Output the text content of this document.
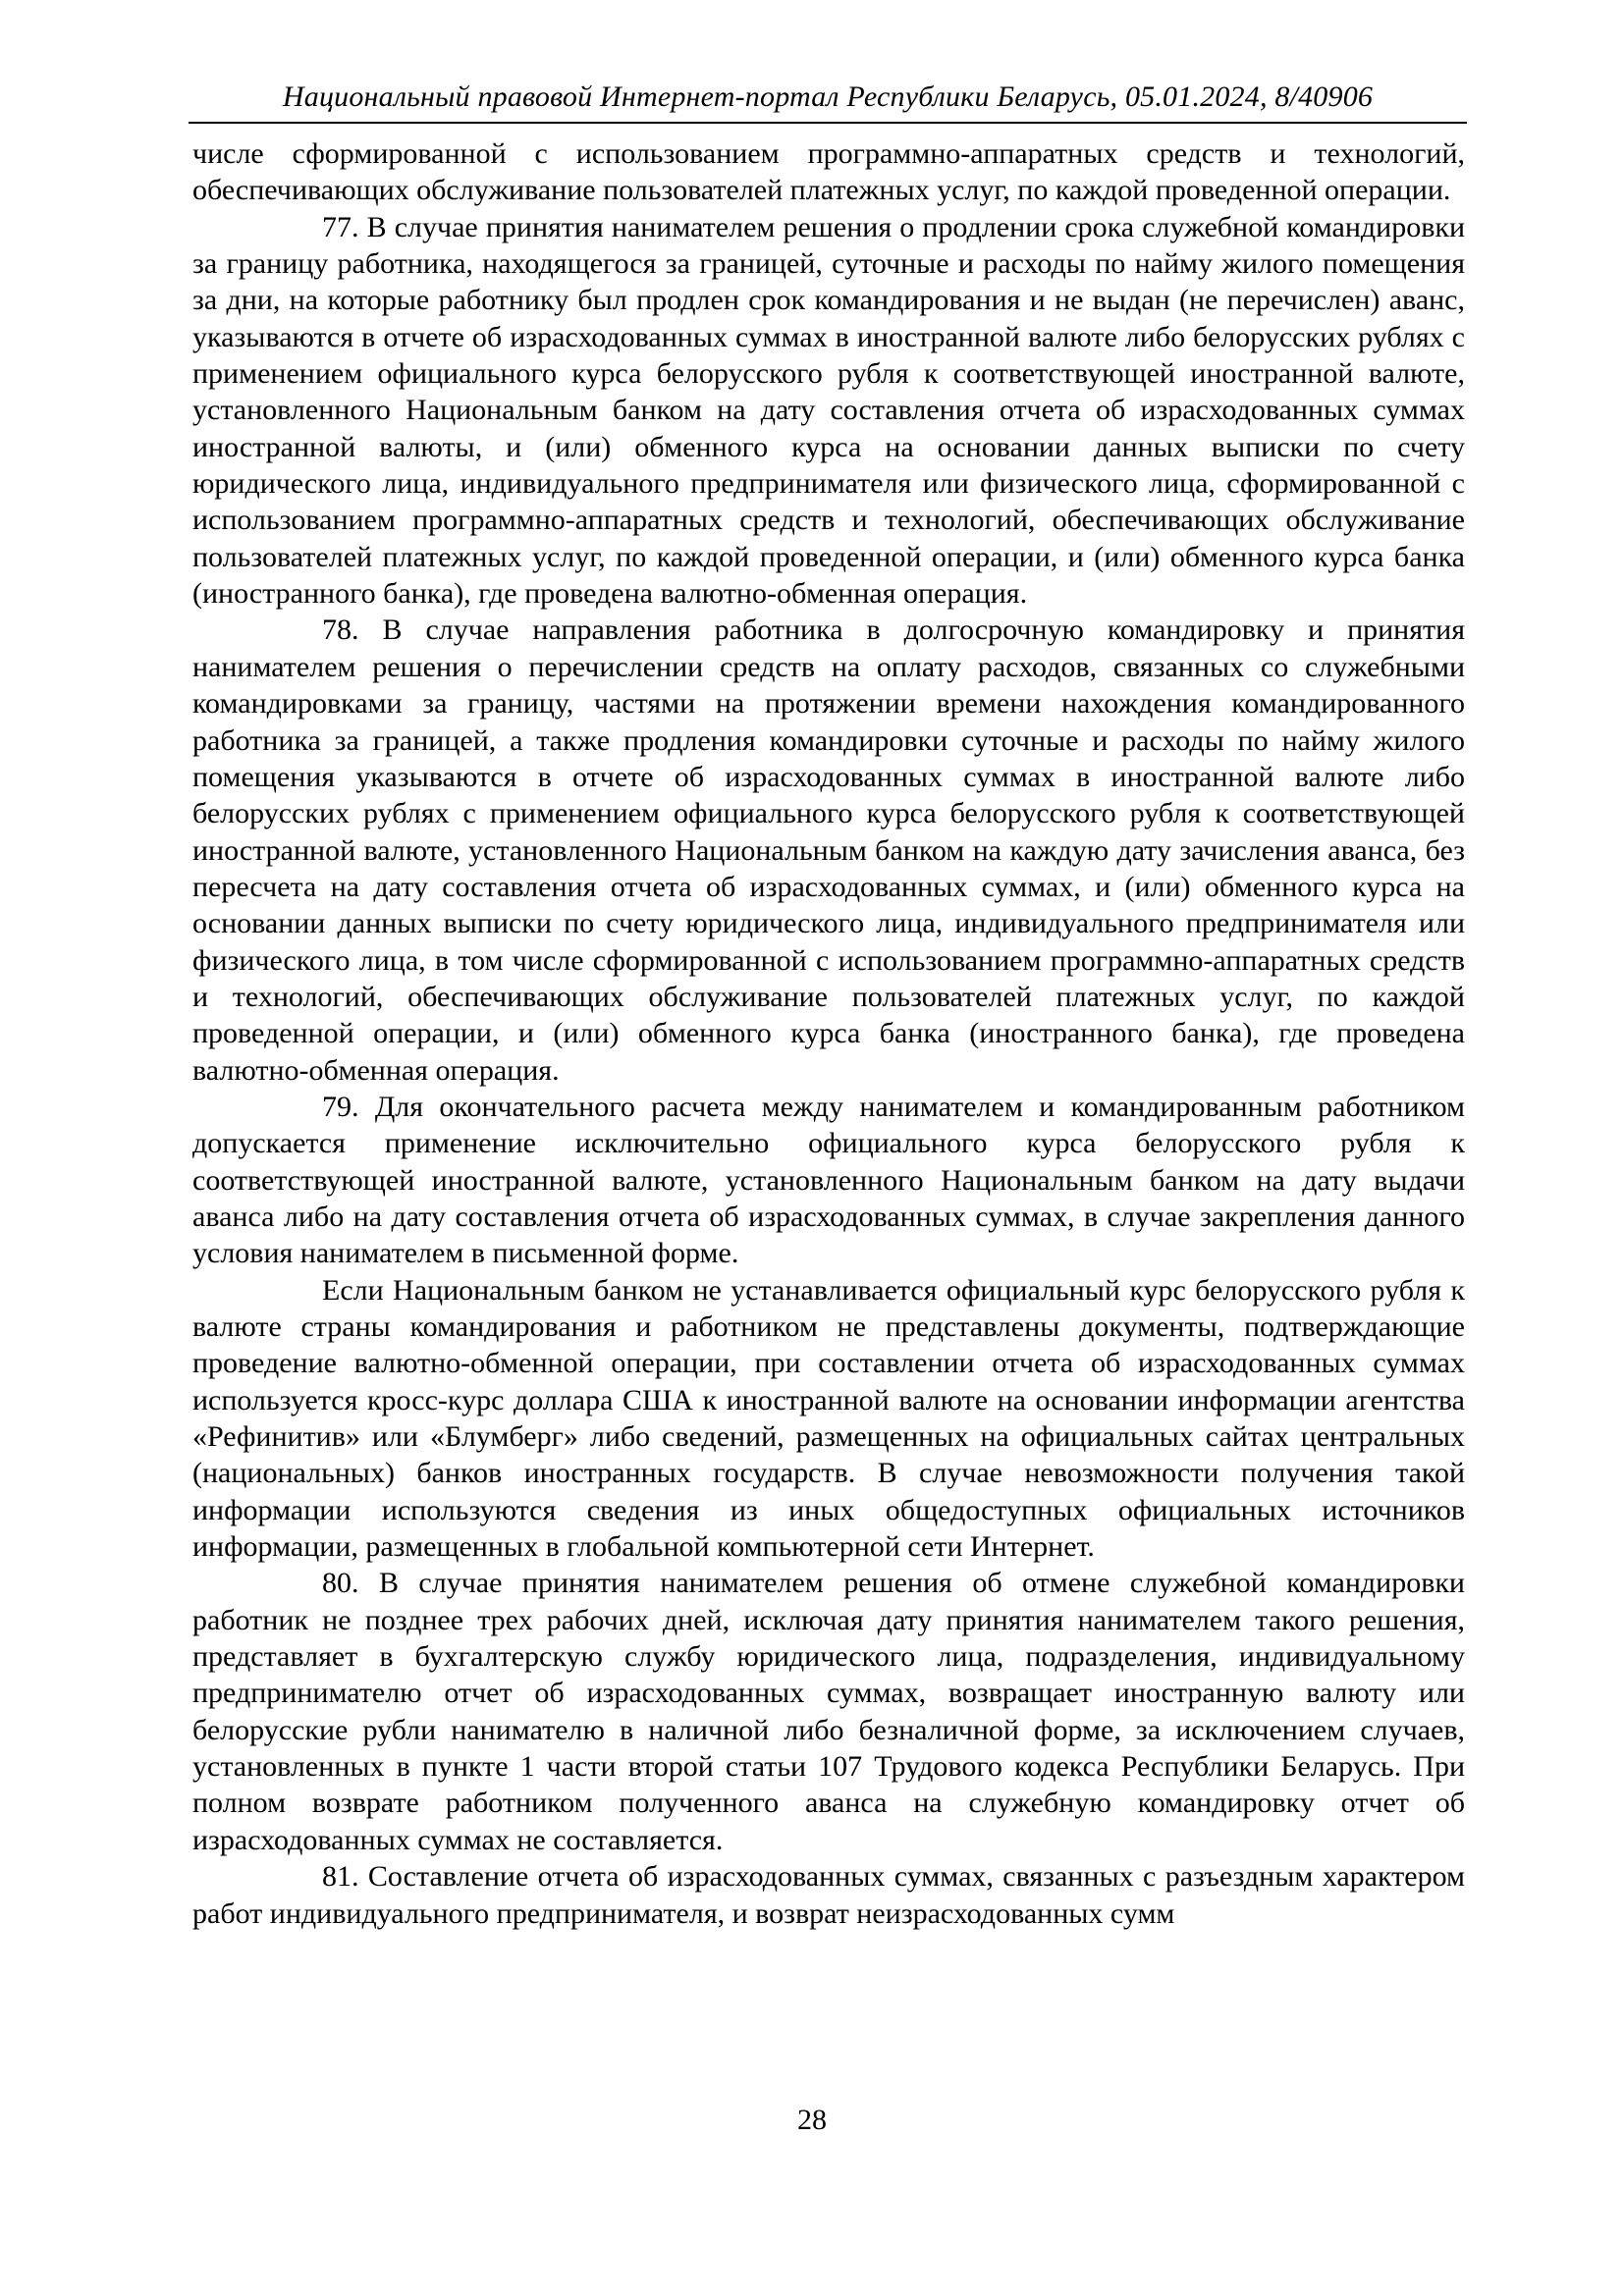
Национальный правовой Интернет-портал Республики Беларусь, 05.01.2024, 8/40906

числе сформированной с использованием программно-аппаратных средств и технологий, обеспечивающих обслуживание пользователей платежных услуг, по каждой проведенной операции.

77. В случае принятия нанимателем решения о продлении срока служебной командировки за границу работника, находящегося за границей, суточные и расходы по найму жилого помещения за дни, на которые работнику был продлен срок командирования и не выдан (не перечислен) аванс, указываются в отчете об израсходованных суммах в иностранной валюте либо белорусских рублях с применением официального курса белорусского рубля к соответствующей иностранной валюте, установленного Национальным банком на дату составления отчета об израсходованных суммах иностранной валюты, и (или) обменного курса на основании данных выписки по счету юридического лица, индивидуального предпринимателя или физического лица, сформированной с использованием программно-аппаратных средств и технологий, обеспечивающих обслуживание пользователей платежных услуг, по каждой проведенной операции, и (или) обменного курса банка (иностранного банка), где проведена валютно-обменная операция.

78. В случае направления работника в долгосрочную командировку и принятия нанимателем решения о перечислении средств на оплату расходов, связанных со служебными командировками за границу, частями на протяжении времени нахождения командированного работника за границей, а также продления командировки суточные и расходы по найму жилого помещения указываются в отчете об израсходованных суммах в иностранной валюте либо белорусских рублях с применением официального курса белорусского рубля к соответствующей иностранной валюте, установленного Национальным банком на каждую дату зачисления аванса, без пересчета на дату составления отчета об израсходованных суммах, и (или) обменного курса на основании данных выписки по счету юридического лица, индивидуального предпринимателя или физического лица, в том числе сформированной с использованием программно-аппаратных средств и технологий, обеспечивающих обслуживание пользователей платежных услуг, по каждой проведенной операции, и (или) обменного курса банка (иностранного банка), где проведена валютно-обменная операция.

79. Для окончательного расчета между нанимателем и командированным работником допускается применение исключительно официального курса белорусского рубля к соответствующей иностранной валюте, установленного Национальным банком на дату выдачи аванса либо на дату составления отчета об израсходованных суммах, в случае закрепления данного условия нанимателем в письменной форме.

Если Национальным банком не устанавливается официальный курс белорусского рубля к валюте страны командирования и работником не представлены документы, подтверждающие проведение валютно-обменной операции, при составлении отчета об израсходованных суммах используется кросс-курс доллара США к иностранной валюте на основании информации агентства «Рефинитив» или «Блумберг» либо сведений, размещенных на официальных сайтах центральных (национальных) банков иностранных государств. В случае невозможности получения такой информации используются сведения из иных общедоступных официальных источников информации, размещенных в глобальной компьютерной сети Интернет.

80. В случае принятия нанимателем решения об отмене служебной командировки работник не позднее трех рабочих дней, исключая дату принятия нанимателем такого решения, представляет в бухгалтерскую службу юридического лица, подразделения, индивидуальному предпринимателю отчет об израсходованных суммах, возвращает иностранную валюту или белорусские рубли нанимателю в наличной либо безналичной форме, за исключением случаев, установленных в пункте 1 части второй статьи 107 Трудового кодекса Республики Беларусь. При полном возврате работником полученного аванса на служебную командировку отчет об израсходованных суммах не составляется.

81. Составление отчета об израсходованных суммах, связанных с разъездным характером работ индивидуального предпринимателя, и возврат неизрасходованных сумм

28
